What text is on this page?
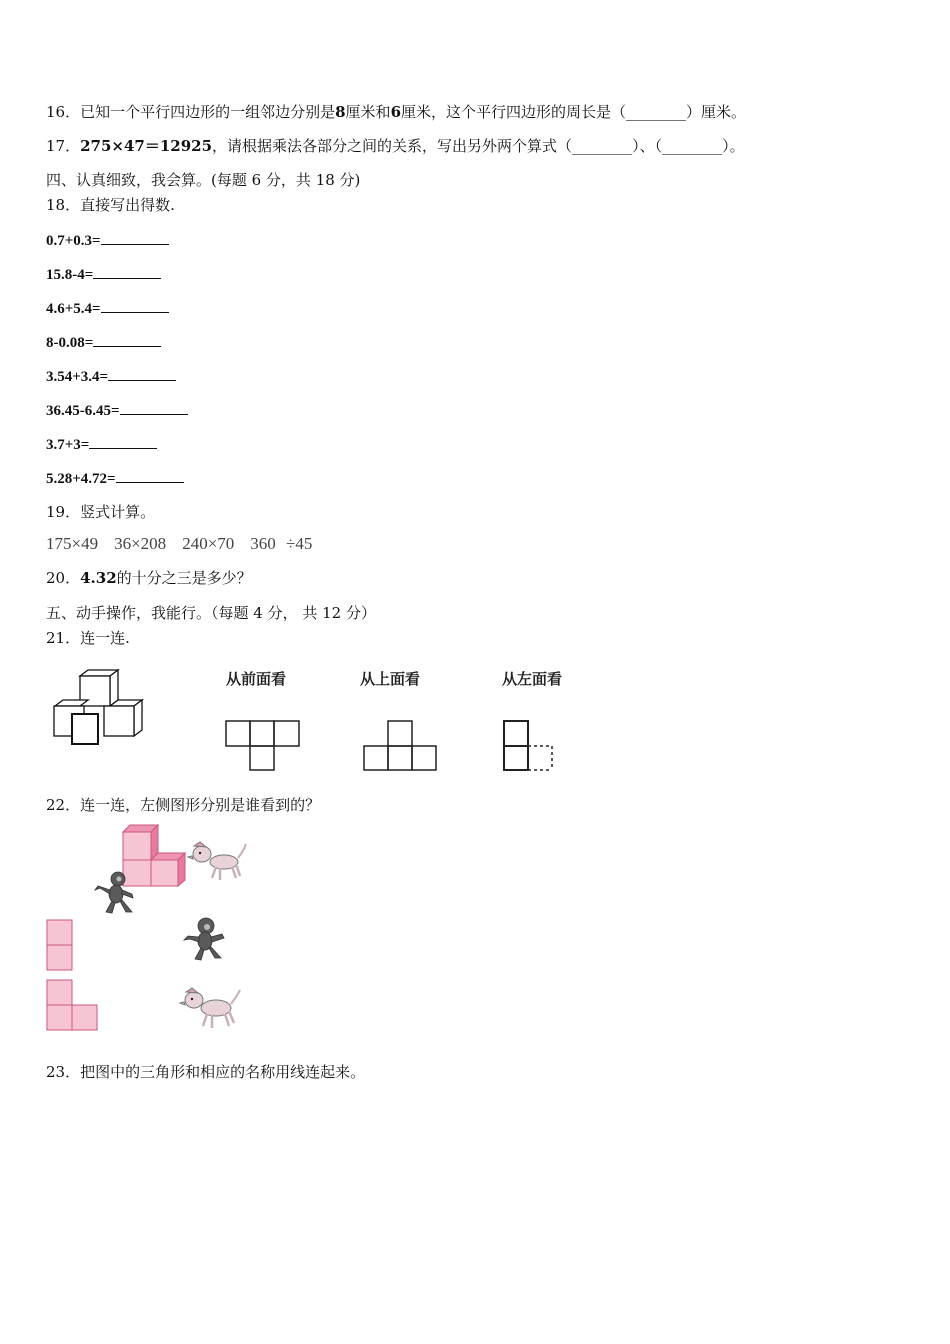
16．已知一个平行四边形的一组邻边分别是8厘米和6厘米，这个平行四边形的周长是（________）厘米。
17．275×47＝12925，请根据乘法各部分之间的关系，写出另外两个算式（________）、（________）。
四、认真细致，我会算。(每题 6 分，共 18 分)
18．直接写出得数.
0.7+0.3=
15.8-4=
4.6+5.4=
8-0.08=
3.54+3.4=
36.45-6.45=
3.7+3=
5.28+4.72=
19．竖式计算。
175×49 36×208 240×70 360 ÷45
20．4.32的十分之三是多少？
五、动手操作，我能行。（每题 4 分， 共 12 分）
21．连一连.
从前面看	从上面看	从左面看
22．连一连，左侧图形分别是谁看到的？
23．把图中的三角形和相应的名称用线连起来。
